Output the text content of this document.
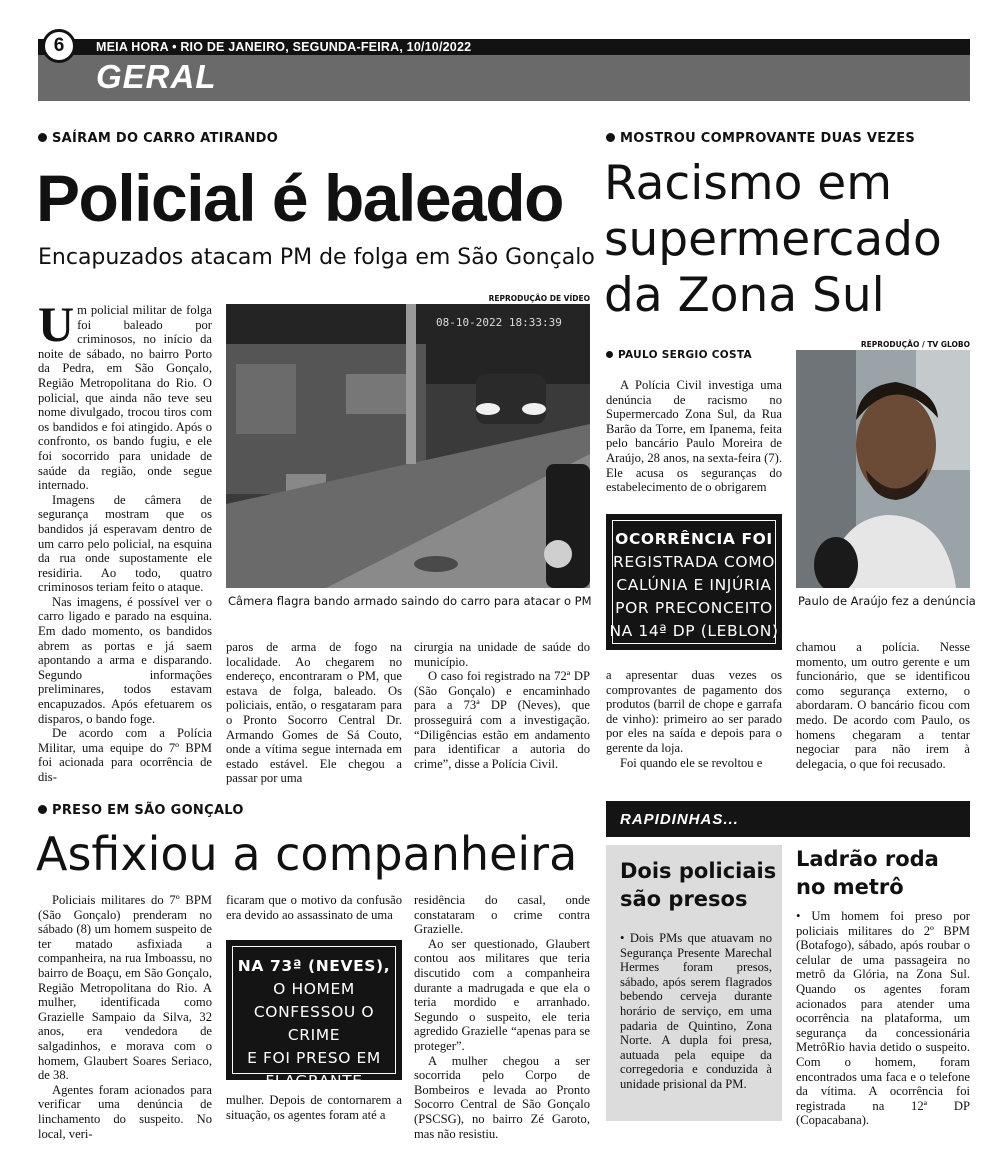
6	MEIA HORA • RIO DE JANEIRO, SEGUNDA-FEIRA, 10/10/2022
GERAL
SAÍRAM DO CARRO ATIRANDO
Policial é baleado
Encapuzados atacam PM de folga em São Gonçalo

Um policial militar de folga foi baleado por criminosos, no início da noite de sábado, no bairro Porto da Pedra, em São Gonçalo, Região Metropolitana do Rio. O policial, que ainda não teve seu nome divulgado, trocou tiros com os bandidos e foi atingido. Após o confronto, os bando fugiu, e ele foi socorrido para unidade de saúde da região, onde segue internado.

Imagens de câmera de segurança mostram que os bandidos já esperavam dentro de um carro pelo policial, na esquina da rua onde supostamente ele residiria. Ao todo, quatro criminosos teriam feito o ataque.

Nas imagens, é possível ver o carro ligado e parado na esquina. Em dado momento, os bandidos abrem as portas e já saem apontando a arma e disparando. Segundo informações preliminares, todos estavam encapuzados. Após efetuarem os disparos, o bando foge.

De acordo com a Polícia Militar, uma equipe do 7º BPM foi acionada para ocorrência de dis-

REPRODUÇÃO DE VÍDEO
08-10-2022 18:33:39
Câmera flagra bando armado saindo do carro para atacar o PM

paros de arma de fogo na localidade. Ao chegarem no endereço, encontraram o PM, que estava de folga, baleado. Os policiais, então, o resgataram para o Pronto Socorro Central Dr. Armando Gomes de Sá Couto, onde a vítima segue internada em estado estável. Ele chegou a passar por uma

cirurgia na unidade de saúde do município.

O caso foi registrado na 72ª DP (São Gonçalo) e encaminhado para a 73ª DP (Neves), que prosseguirá com a investigação. “Diligências estão em andamento para identificar a autoria do crime”, disse a Polícia Civil.

MOSTROU COMPROVANTE DUAS VEZES
Racismo em
supermercado
da Zona Sul
PAULO SERGIO COSTA

A Polícia Civil investiga uma denúncia de racismo no Supermercado Zona Sul, da Rua Barão da Torre, em Ipanema, feita pelo bancário Paulo Moreira de Araújo, 28 anos, na sexta-feira (7). Ele acusa os seguranças do estabelecimento de o obrigarem

OCORRÊNCIA FOI
REGISTRADA COMO
CALÚNIA E INJÚRIA
POR PRECONCEITO
NA 14ª DP (LEBLON)

a apresentar duas vezes os comprovantes de pagamento dos produtos (barril de chope e garrafa de vinho): primeiro ao ser parado por eles na saída e depois para o gerente da loja.

Foi quando ele se revoltou e

REPRODUÇÃO / TV GLOBO
Paulo de Araújo fez a denúncia

chamou a polícia. Nesse momento, um outro gerente e um funcionário, que se identificou como segurança externo, o abordaram. O bancário ficou com medo. De acordo com Paulo, os homens chegaram a tentar negociar para não irem à delegacia, o que foi recusado.

PRESO EM SÃO GONÇALO
Asfixiou a companheira

Policiais militares do 7º BPM (São Gonçalo) prenderam no sábado (8) um homem suspeito de ter matado asfixiada a companheira, na rua Imboassu, no bairro de Boaçu, em São Gonçalo, Região Metropolitana do Rio. A mulher, identificada como Grazielle Sampaio da Silva, 32 anos, era vendedora de salgadinhos, e morava com o homem, Glaubert Soares Seriaco, de 38.

Agentes foram acionados para verificar uma denúncia de linchamento do suspeito. No local, veri-

ficaram que o motivo da confusão era devido ao assassinato de uma

NA 73ª (NEVES),
O HOMEM
CONFESSOU O CRIME
E FOI PRESO EM
FLAGRANTE

mulher. Depois de contornarem a situação, os agentes foram até a

residência do casal, onde constataram o crime contra Grazielle.

Ao ser questionado, Glaubert contou aos militares que teria discutido com a companheira durante a madrugada e que ela o teria mordido e arranhado. Segundo o suspeito, ele teria agredido Grazielle “apenas para se proteger”.

A mulher chegou a ser socorrida pelo Corpo de Bombeiros e levada ao Pronto Socorro Central de São Gonçalo (PSCSG), no bairro Zé Garoto, mas não resistiu.

RAPIDINHAS...
Dois policiais
são presos

• Dois PMs que atuavam no Segurança Presente Marechal Hermes foram presos, sábado, após serem flagrados bebendo cerveja durante horário de serviço, em uma padaria de Quintino, Zona Norte. A dupla foi presa, autuada pela equipe da corregedoria e conduzida à unidade prisional da PM.

Ladrão roda
no metrô

• Um homem foi preso por policiais militares do 2º BPM (Botafogo), sábado, após roubar o celular de uma passageira no metrô da Glória, na Zona Sul. Quando os agentes foram acionados para atender uma ocorrência na plataforma, um segurança da concessionária MetrôRio havia detido o suspeito. Com o homem, foram encontrados uma faca e o telefone da vítima. A ocorrência foi registrada na 12ª DP (Copacabana).
